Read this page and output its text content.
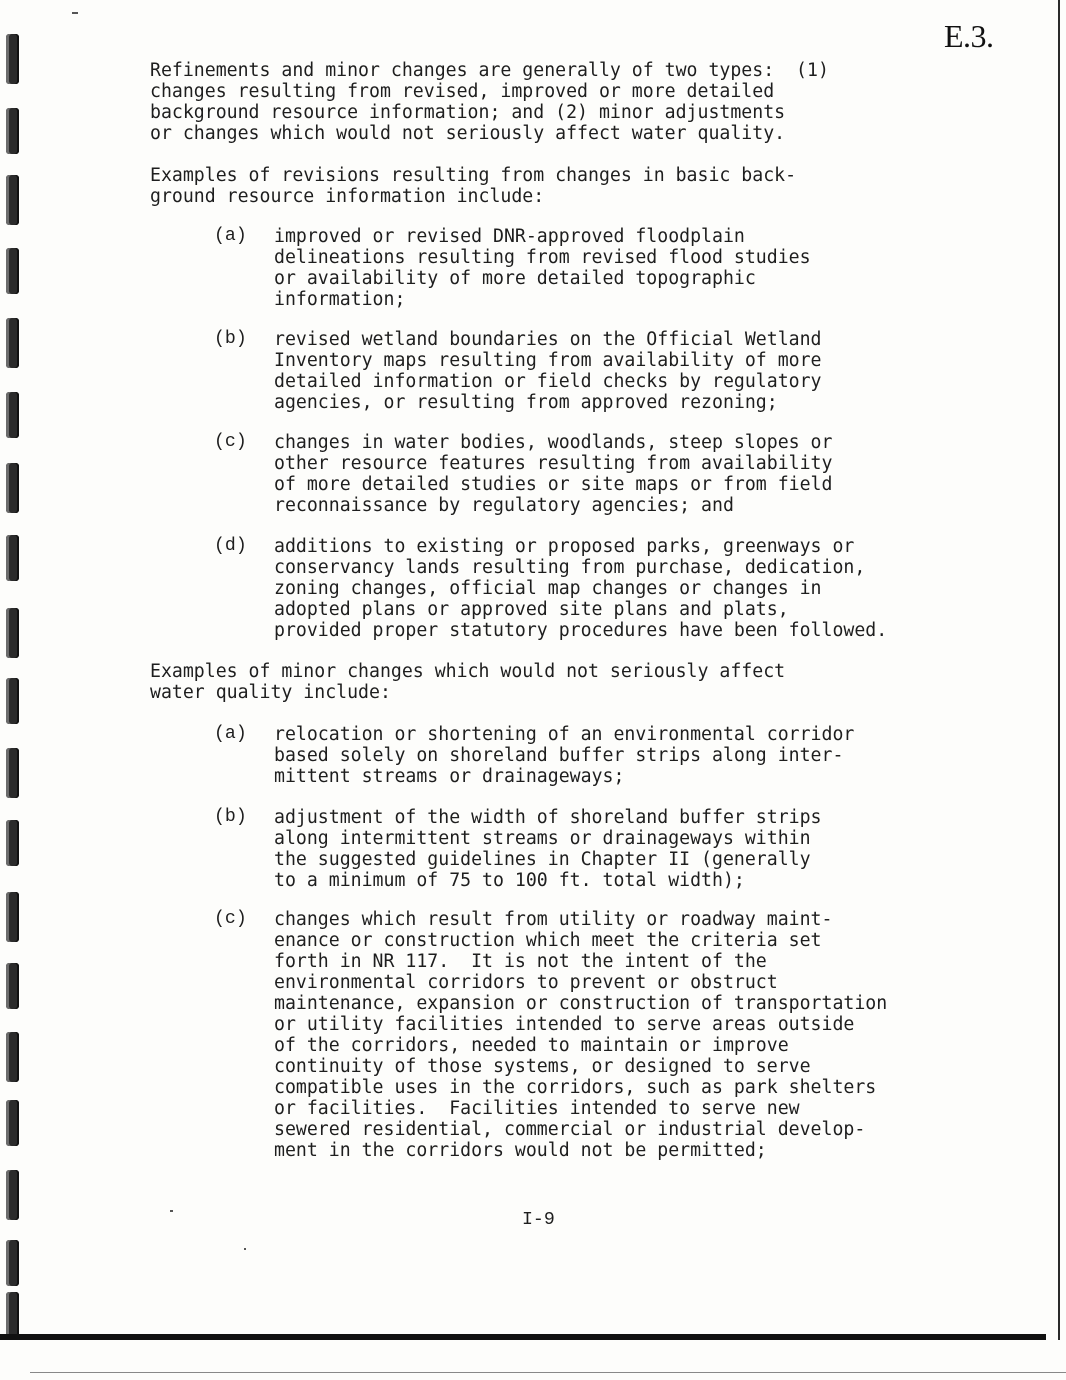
E.3.
Refinements and minor changes are generally of two types:  (1)
changes resulting from revised, improved or more detailed
background resource information; and (2) minor adjustments
or changes which would not seriously affect water quality.
Examples of revisions resulting from changes in basic back-
ground resource information include:
(a) improved or revised DNR-approved floodplain
delineations resulting from revised flood studies
or availability of more detailed topographic
information;
(b) revised wetland boundaries on the Official Wetland
Inventory maps resulting from availability of more
detailed information or field checks by regulatory
agencies, or resulting from approved rezoning;
(c) changes in water bodies, woodlands, steep slopes or
other resource features resulting from availability
of more detailed studies or site maps or from field
reconnaissance by regulatory agencies; and
(d) additions to existing or proposed parks, greenways or
conservancy lands resulting from purchase, dedication,
zoning changes, official map changes or changes in
adopted plans or approved site plans and plats,
provided proper statutory procedures have been followed.
Examples of minor changes which would not seriously affect
water quality include:
(a) relocation or shortening of an environmental corridor
based solely on shoreland buffer strips along inter-
mittent streams or drainageways;
(b) adjustment of the width of shoreland buffer strips
along intermittent streams or drainageways within
the suggested guidelines in Chapter II (generally
to a minimum of 75 to 100 ft. total width);
(c) changes which result from utility or roadway maint-
enance or construction which meet the criteria set
forth in NR 117.  It is not the intent of the
environmental corridors to prevent or obstruct
maintenance, expansion or construction of transportation
or utility facilities intended to serve areas outside
of the corridors, needed to maintain or improve
continuity of those systems, or designed to serve
compatible uses in the corridors, such as park shelters
or facilities.  Facilities intended to serve new
sewered residential, commercial or industrial develop-
ment in the corridors would not be permitted;
I-9
